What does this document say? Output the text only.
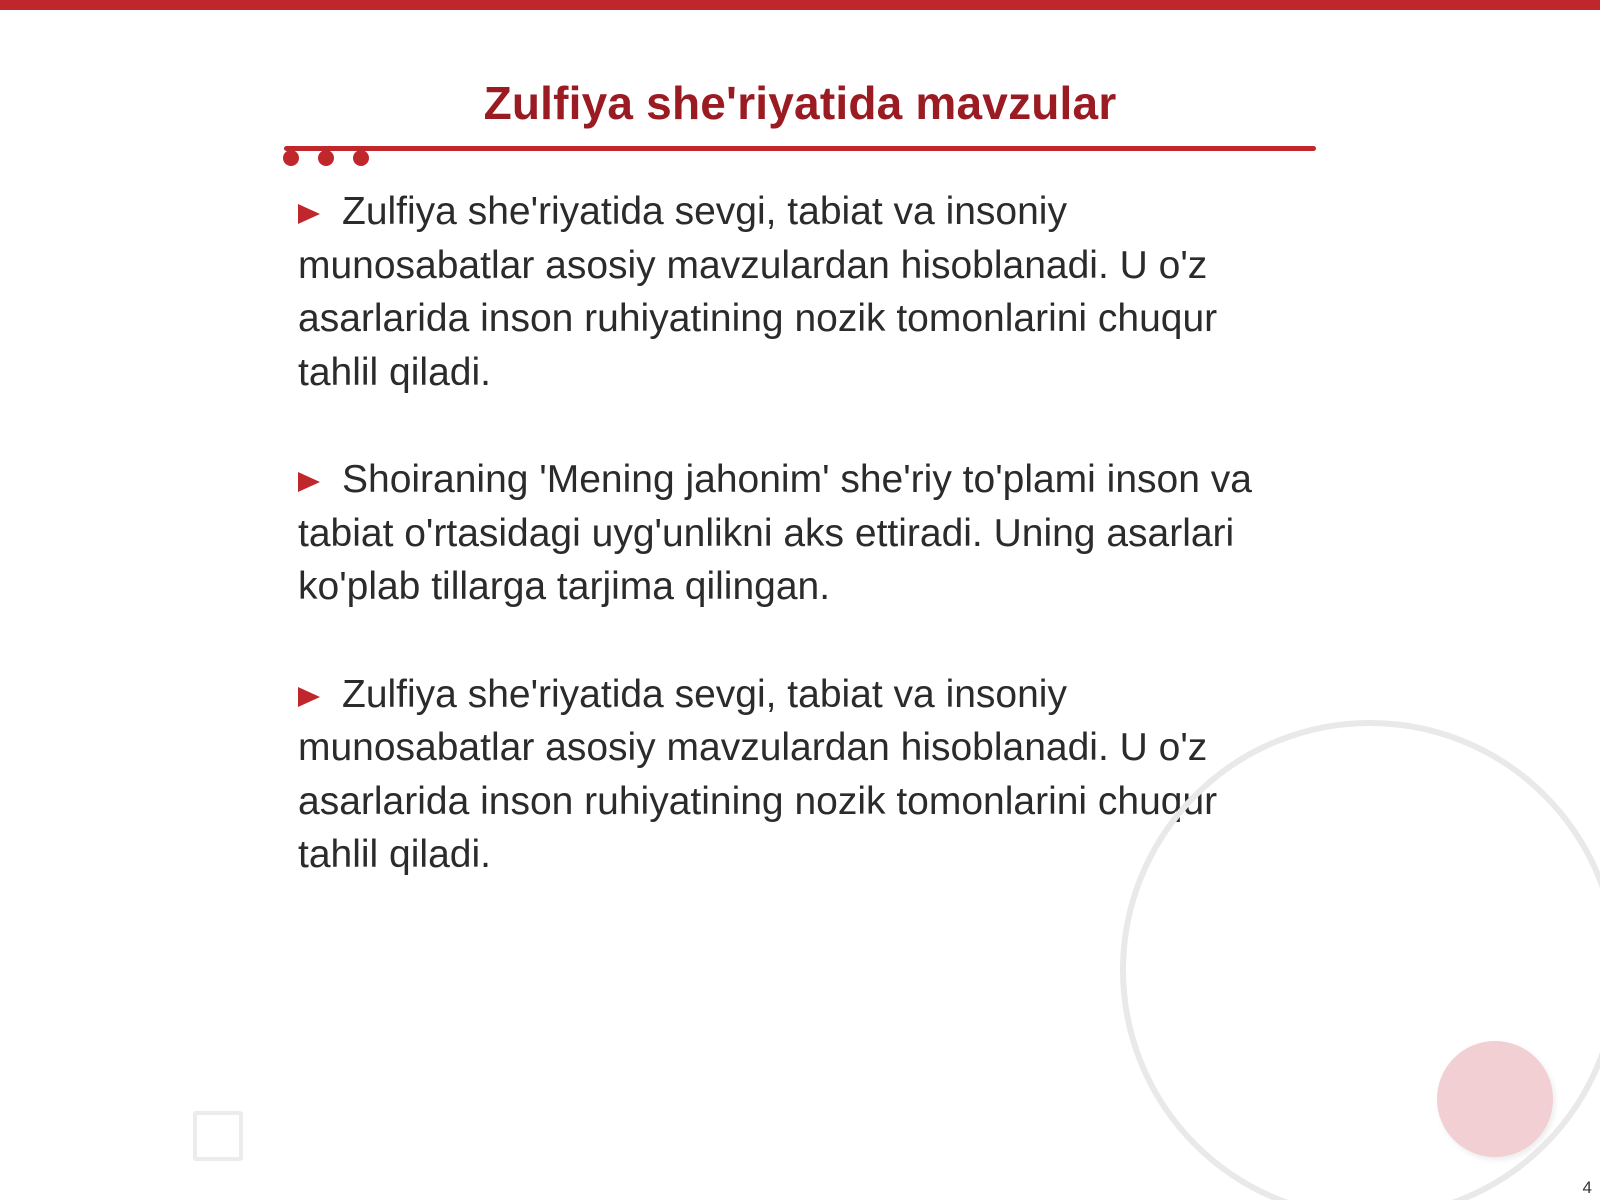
Zulfiya she'riyatida mavzular
Zulfiya she'riyatida sevgi, tabiat va insoniy munosabatlar asosiy mavzulardan hisoblanadi. U o'z asarlarida inson ruhiyatining nozik tomonlarini chuqur tahlil qiladi.
Shoiraning 'Mening jahonim' she'riy to'plami inson va tabiat o'rtasidagi uyg'unlikni aks ettiradi. Uning asarlari ko'plab tillarga tarjima qilingan.
Zulfiya she'riyatida sevgi, tabiat va insoniy munosabatlar asosiy mavzulardan hisoblanadi. U o'z asarlarida inson ruhiyatining nozik tomonlarini chuqur tahlil qiladi.
4
